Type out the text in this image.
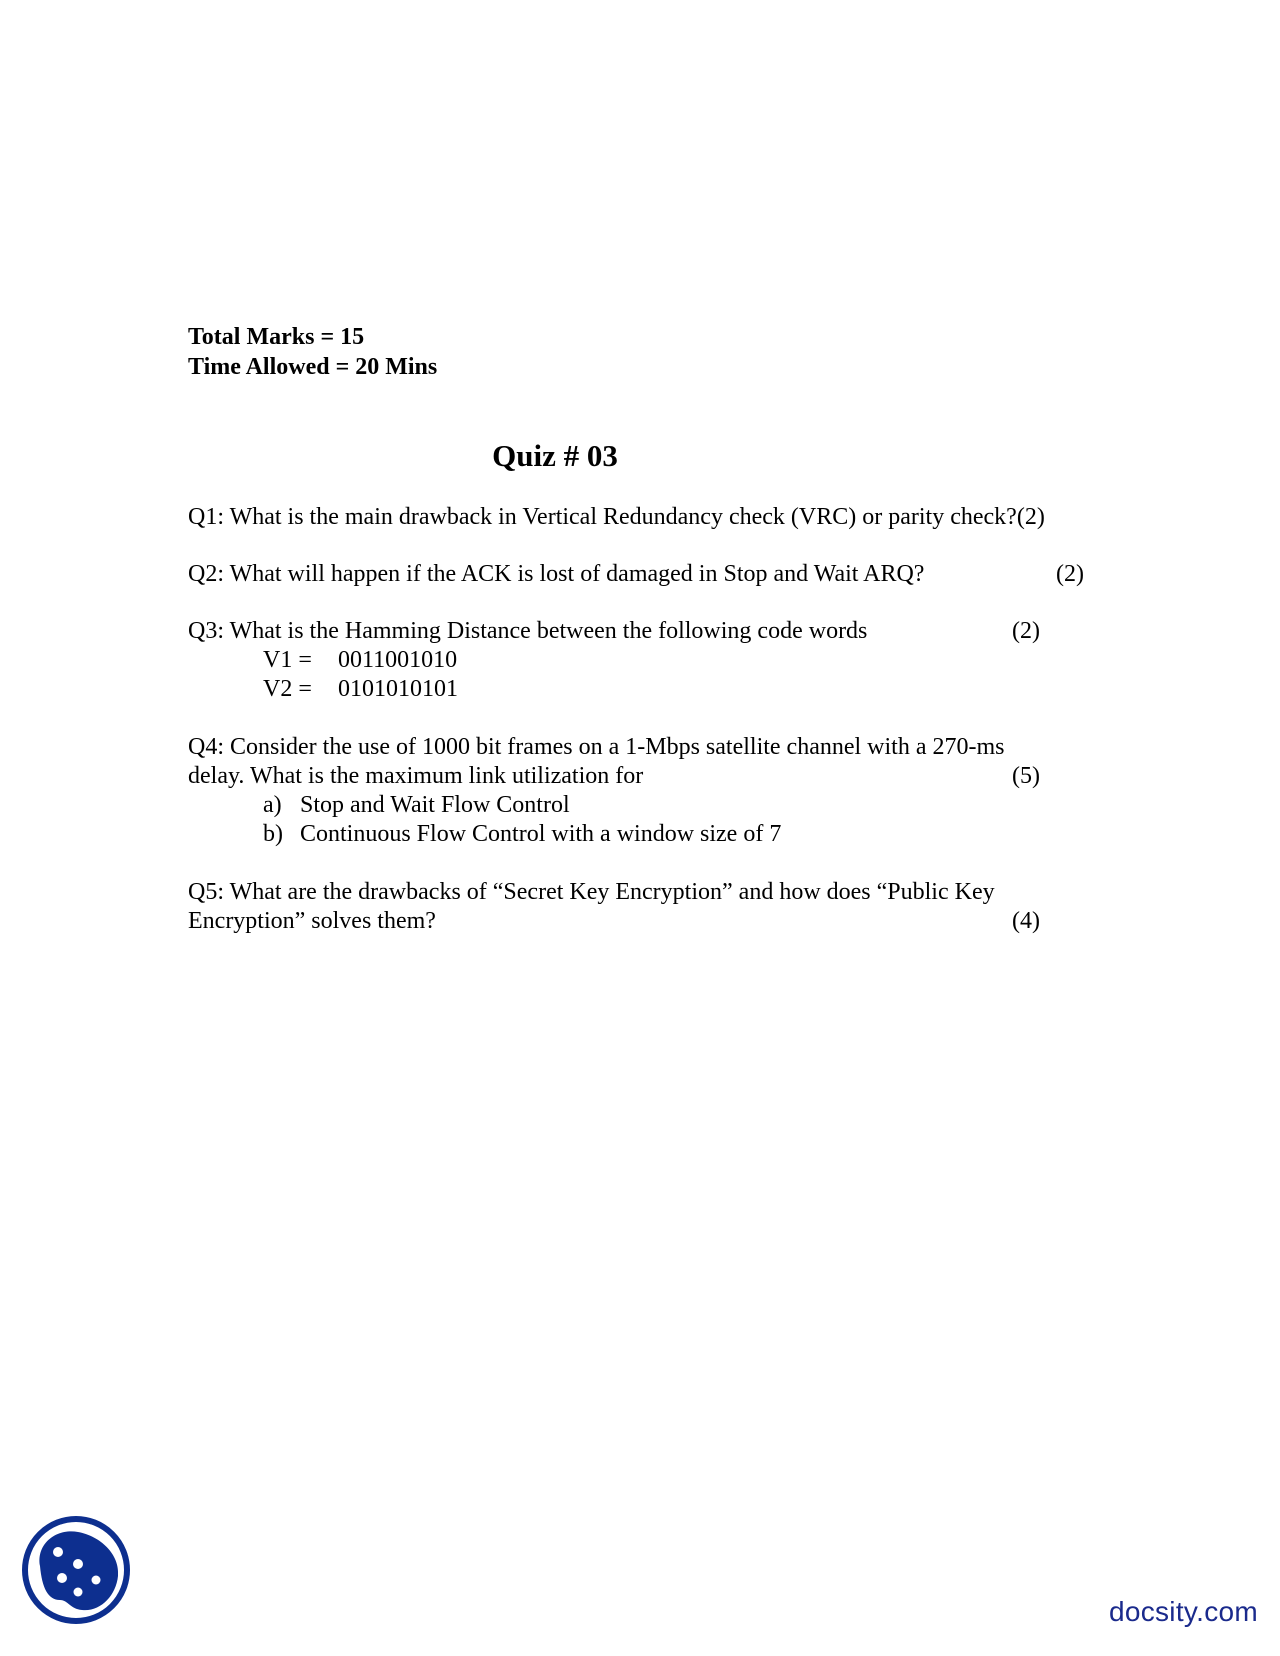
Total Marks = 15
Time Allowed = 20 Mins
Quiz # 03
Q1: What is the main drawback in Vertical Redundancy check (VRC) or parity check?(2)
Q2: What will happen if the ACK is lost of damaged in Stop and Wait ARQ?	(2)
Q3: What is the Hamming Distance between the following code words	(2)
V1 = 0011001010
V2 = 0101010101
Q4: Consider the use of 1000 bit frames on a 1-Mbps satellite channel with a 270-ms
delay. What is the maximum link utilization for	(5)
a) Stop and Wait Flow Control
b) Continuous Flow Control with a window size of 7
Q5: What are the drawbacks of “Secret Key Encryption” and how does “Public Key
Encryption” solves them?	(4)
docsity.com
